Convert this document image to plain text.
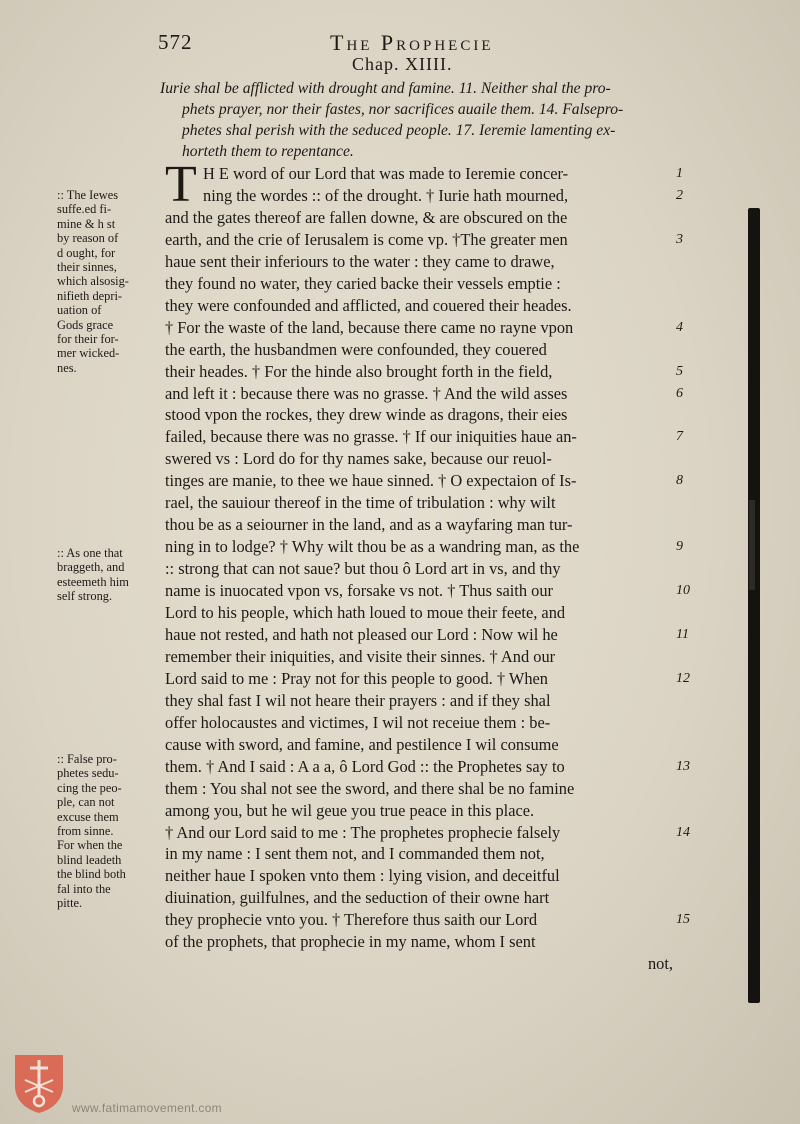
572	The Prophecie
Chap. XIIII.
Iurie shal be afflicted with drought and famine. 11. Neither shal the pro-
phets prayer, nor their fastes, nor sacrifices auaile them. 14. Falsepro-
phetes shal perish with the seduced people. 17. Ieremie lamenting ex-
horteth them to repentance.
T H E word of our Lord that was made to Ieremie concer-
ning the wordes :: of the drought. † Iurie hath mourned,
and the gates thereof are fallen downe, & are obscured on the
earth, and the crie of Ierusalem is come vp. †The greater men
haue sent their inferiours to the water : they came to drawe,
they found no water, they caried backe their vessels emptie :
they were confounded and afflicted, and couered their heades.
† For the waste of the land, because there came no rayne vpon
the earth, the husbandmen were confounded, they couered
their heades. † For the hinde also brought forth in the field,
and left it : because there was no grasse. † And the wild asses
stood vpon the rockes, they drew winde as dragons, their eies
failed, because there was no grasse. † If our iniquities haue an-
swered vs : Lord do for thy names sake, because our reuol-
tinges are manie, to thee we haue sinned. † O expectaion of Is-
rael, the sauiour thereof in the time of tribulation : why wilt
thou be as a seiourner in the land, and as a wayfaring man tur-
ning in to lodge? † Why wilt thou be as a wandring man, as the
:: strong that can not saue? but thou ô Lord art in vs, and thy
name is inuocated vpon vs, forsake vs not. † Thus saith our
Lord to his people, which hath loued to moue their feete, and
haue not rested, and hath not pleased our Lord : Now wil he
remember their iniquities, and visite their sinnes. † And our
Lord said to me : Pray not for this people to good. † When
they shal fast I wil not heare their prayers : and if they shal
offer holocaustes and victimes, I wil not receiue them : be-
cause with sword, and famine, and pestilence I wil consume
them. † And I said : A a a, ô Lord God :: the Prophetes say to
them : You shal not see the sword, and there shal be no famine
among you, but he wil geue you true peace in this place.
† And our Lord said to me : The prophetes prophecie falsely
in my name : I sent them not, and I commanded them not,
neither haue I spoken vnto them : lying vision, and deceitful
diuination, guilfulnes, and the seduction of their owne hart
they prophecie vnto you. † Therefore thus saith our Lord
of the prophets, that prophecie in my name, whom I sent
not,
1
2
3
4
5
6
7
8
9
10
11
12
13
14
15
:: The Iewes
suffe.ed fi-
mine & h st
by reason of
d ought, for
their sinnes,
which alsosig-
nifieth depri-
uation of
Gods grace
for their for-
mer wicked-
nes.
:: As one that
braggeth, and
esteemeth him
self strong.
:: False pro-
phetes sedu-
cing the peo-
ple, can not
excuse them
from sinne.
For when the
blind leadeth
the blind both
fal into the
pitte.
www.fatimamovement.com
